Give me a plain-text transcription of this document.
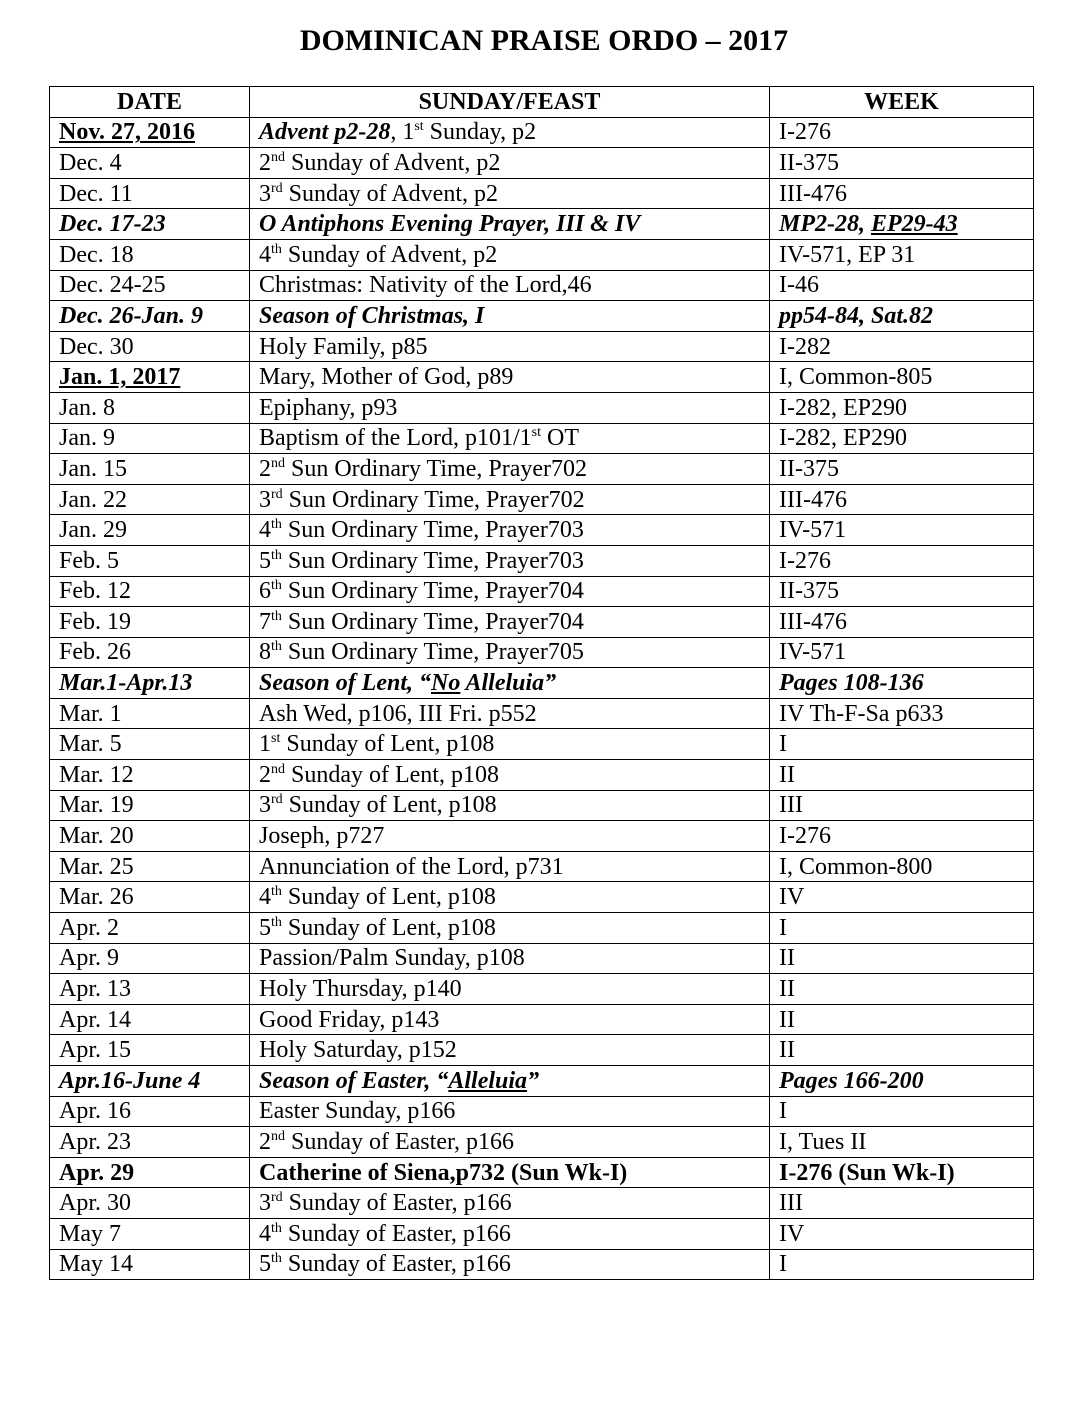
DOMINICAN PRAISE ORDO – 2017
DATE	SUNDAY/FEAST	WEEK
Nov. 27, 2016	Advent p2-28, 1st Sunday, p2	I-276
Dec. 4	2nd Sunday of Advent, p2	II-375
Dec. 11	3rd Sunday of Advent, p2	III-476
Dec. 17-23	O Antiphons Evening Prayer, III & IV	MP2-28, EP29-43
Dec. 18	4th Sunday of Advent, p2	IV-571, EP 31
Dec. 24-25	Christmas: Nativity of the Lord,46	I-46
Dec. 26-Jan. 9	Season of Christmas, I	pp54-84, Sat.82
Dec. 30	Holy Family, p85	I-282
Jan. 1, 2017	Mary, Mother of God, p89	I, Common-805
Jan. 8	Epiphany, p93	I-282, EP290
Jan. 9	Baptism of the Lord, p101/1st OT	I-282, EP290
Jan. 15	2nd Sun Ordinary Time, Prayer702	II-375
Jan. 22	3rd Sun Ordinary Time, Prayer702	III-476
Jan. 29	4th Sun Ordinary Time, Prayer703	IV-571
Feb. 5	5th Sun Ordinary Time, Prayer703	I-276
Feb. 12	6th Sun Ordinary Time, Prayer704	II-375
Feb. 19	7th Sun Ordinary Time, Prayer704	III-476
Feb. 26	8th Sun Ordinary Time, Prayer705	IV-571
Mar.1-Apr.13	Season of Lent, “No Alleluia”	Pages 108-136
Mar. 1	Ash Wed, p106, III Fri. p552	IV Th-F-Sa p633
Mar. 5	1st Sunday of Lent, p108	I
Mar. 12	2nd Sunday of Lent, p108	II
Mar. 19	3rd Sunday of Lent, p108	III
Mar. 20	Joseph, p727	I-276
Mar. 25	Annunciation of the Lord, p731	I, Common-800
Mar. 26	4th Sunday of Lent, p108	IV
Apr. 2	5th Sunday of Lent, p108	I
Apr. 9	Passion/Palm Sunday, p108	II
Apr. 13	Holy Thursday, p140	II
Apr. 14	Good Friday, p143	II
Apr. 15	Holy Saturday, p152	II
Apr.16-June 4	Season of Easter, “Alleluia”	Pages 166-200
Apr. 16	Easter Sunday, p166	I
Apr. 23	2nd Sunday of Easter, p166	I, Tues II
Apr. 29	Catherine of Siena,p732 (Sun Wk-I)	I-276 (Sun Wk-I)
Apr. 30	3rd Sunday of Easter, p166	III
May 7	4th Sunday of Easter, p166	IV
May 14	5th Sunday of Easter, p166	I
